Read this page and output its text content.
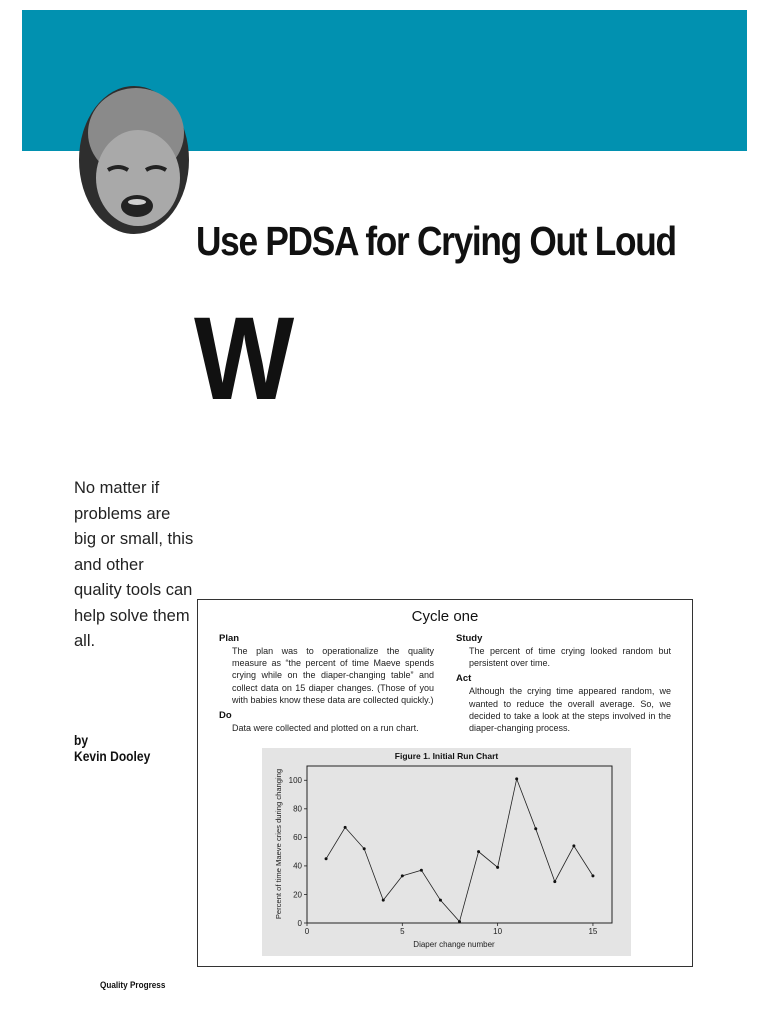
Use PDSA for Crying Out Loud
W
No matter if problems are big or small, this and other quality tools can help solve them all.
by
Kevin Dooley
Cycle one
Plan

The plan was to operationalize the quality measure as “the percent of time Maeve spends crying while on the diaper-changing table” and collect data on 15 diaper changes. (Those of you with babies know these data are collected quickly.)

Do

Data were collected and plotted on a run chart.

Study

The percent of time crying looked random but persistent over time.

Act

Although the crying time appeared random, we wanted to reduce the overall average. So, we decided to take a look at the steps involved in the diaper-changing process.

Figure 1. Initial Run Chart
0
20
40
60
80
100
0	5	10	15
Diaper change number
Percent of time Maeve cries during changing
Quality Progress
